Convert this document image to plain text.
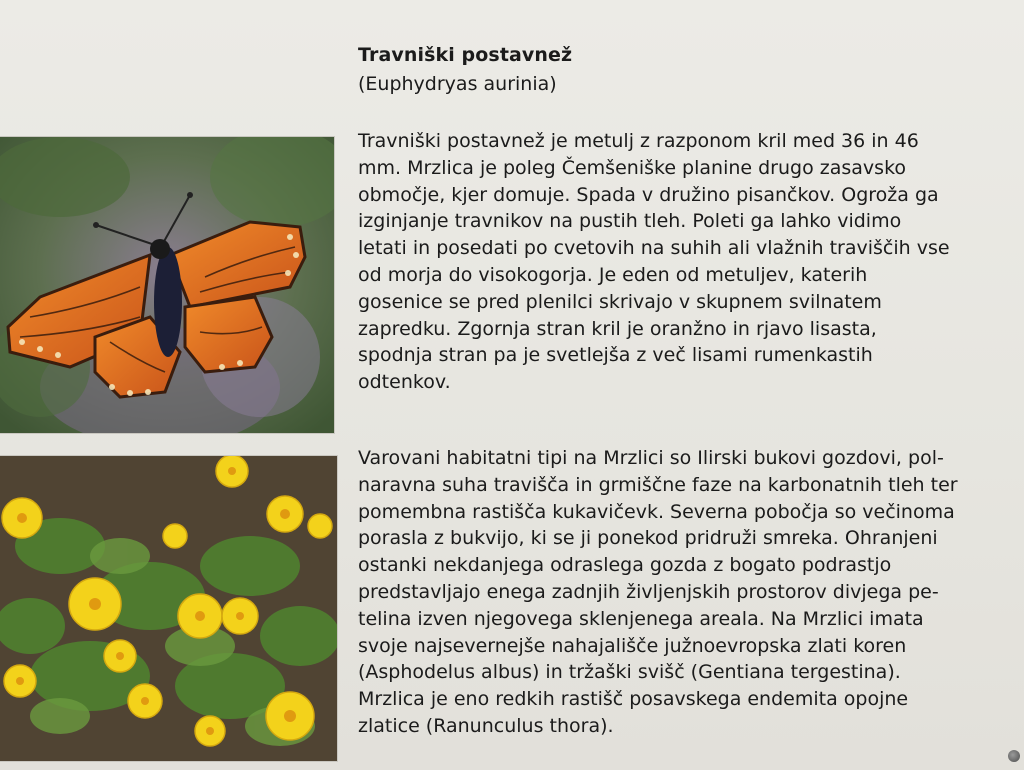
Travniški postavnež
(Euphydryas aurinia)

Travniški postavnež je metulj z razponom kril med 36 in 46
mm. Mrzlica je poleg Čemšeniške planine drugo zasavsko
območje, kjer domuje. Spada v družino pisančkov. Ogroža ga
izginjanje travnikov na pustih tleh. Poleti ga lahko vidimo
letati in posedati po cvetovih na suhih ali vlažnih traviščih vse
od morja do visokogorja. Je eden od metuljev, katerih
gosenice se pred plenilci skrivajo v skupnem svilnatem
zapredku. Zgornja stran kril je oranžno in rjavo lisasta,
spodnja stran pa je svetlejša z več lisami rumenkastih
odtenkov.

Varovani habitatni tipi na Mrzlici so Ilirski bukovi gozdovi, pol-
naravna suha travišča in grmiščne faze na karbonatnih tleh ter
pomembna rastišča kukavičevk. Severna pobočja so večinoma
porasla z bukvijo, ki se ji ponekod pridruži smreka. Ohranjeni
ostanki nekdanjega odraslega gozda z bogato podrastjo
predstavljajo enega zadnjih življenjskih prostorov divjega pe-
telina izven njegovega sklenjenega areala. Na Mrzlici imata
svoje najsevernejše nahajališče južnoevropska zlati koren
(Asphodelus albus) in tržaški svišč (Gentiana tergestina).
Mrzlica je eno redkih rastišč posavskega endemita opojne
zlatice (Ranunculus thora).
